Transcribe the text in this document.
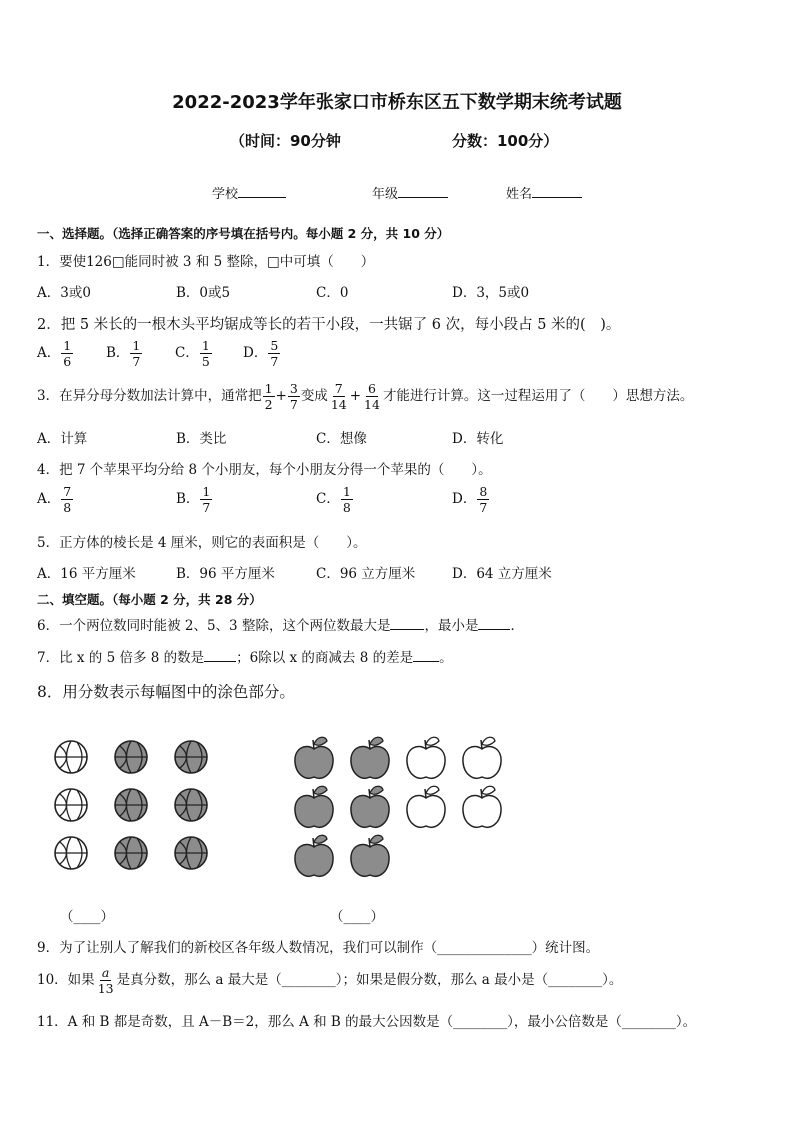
2022-2023学年张家口市桥东区五下数学期末统考试题
（时间：90分钟	分数：100分）
学校	年级	姓名
一、选择题。（选择正确答案的序号填在括号内。每小题 2 分，共 10 分）
1．要使126□能同时被 3 和 5 整除，□中可填（　　）
A．3或0	B．0或5	C．0	D．3，5或0
2．把 5 米长的一根木头平均锯成等长的若干小段，一共锯了 6 次，每小段占 5 米的(　)。
A． $\frac{1}{6}$ B． $\frac{1}{7}$ C． $\frac{1}{5}$ D． $\frac{5}{7}$
3．在异分母分数加法计算中，通常把 $\frac{1}{2} + \frac{3}{7}$ 变成 $\frac{7}{14} + \frac{6}{14}$ 才能进行计算。这一过程运用了（　　）思想方法。
A．计算	B．类比	C．想像	D．转化
4．把 7 个苹果平均分给 8 个小朋友，每个小朋友分得一个苹果的（　　）。
A． $\frac{7}{8}$	B． $\frac{1}{7}$	C． $\frac{1}{8}$	D． $\frac{8}{7}$
5．正方体的棱长是 4 厘米，则它的表面积是（　　）。
A．16 平方厘米	B．96 平方厘米	C．96 立方厘米	D．64 立方厘米
二、填空题。（每小题 2 分，共 28 分）
6．一个两位数同时能被 2、5、3 整除，这个两位数最大是	，最小是 ．
7．比 x 的 5 倍多 8 的数是 ；6除以 x 的商减去 8 的差是 。
8．用分数表示每幅图中的涂色部分。
（____）	（____）
9．为了让别人了解我们的新校区各年级人数情况，我们可以制作（______________）统计图。
10．如果 $\frac{a}{13}$ 是真分数，那么 a 最大是（________）；如果是假分数，那么 a 最小是（________）。
11．A 和 B 都是奇数，且 A－B＝2，那么 A 和 B 的最大公因数是（________），最小公倍数是（________）。
